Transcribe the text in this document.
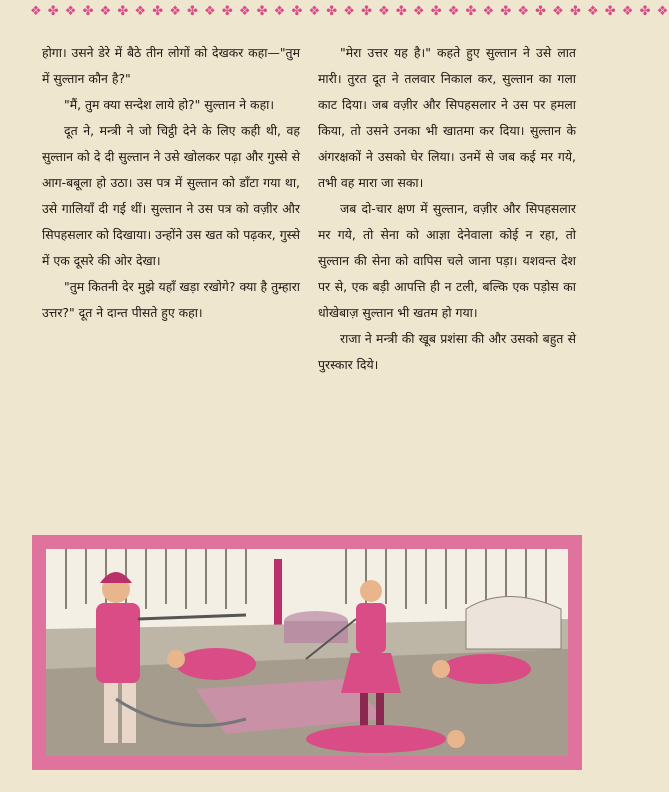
❖ ✤ ❖ ✤ ❖ ✤ ❖ ✤ ❖ ✤ ❖ ✤ ❖ ✤ ❖ ✤ ❖ ✤ ❖ ✤ ❖ ✤ ❖ ✤ ❖ ✤ ❖ ✤ ❖ ✤ ❖ ✤ ❖ ✤ ❖ ✤ ❖

होगा। उसने डेरे में बैठे तीन लोगों को देखकर कहा—"तुम में सुल्तान कौन है?"

"मैं, तुम क्या सन्देश लाये हो?" सुल्तान ने कहा।

दूत ने, मन्त्री ने जो चिट्ठी देने के लिए कही थी, वह सुल्तान को दे दी सुल्तान ने उसे खोलकर पढ़ा और गुस्से से आग-बबूला हो उठा। उस पत्र में सुल्तान को डाँटा गया था, उसे गालियाँ दी गई थीं। सुल्तान ने उस पत्र को वज़ीर और सिपहसलार को दिखाया। उन्होंने उस खत को पढ़कर, गुस्से में एक दूसरे की ओर देखा।

"तुम कितनी देर मुझे यहाँ खड़ा रखोगे? क्या है तुम्हारा उत्तर?" दूत ने दान्त पीसते हुए कहा।

"मेरा उत्तर यह है।" कहते हुए सुल्तान ने उसे लात मारी। तुरत दूत ने तलवार निकाल कर, सुल्तान का गला काट दिया। जब वज़ीर और सिपहसलार ने उस पर हमला किया, तो उसने उनका भी खातमा कर दिया। सुल्तान के अंगरक्षकों ने उसको घेर लिया। उनमें से जब कई मर गये, तभी वह मारा जा सका।

जब दो-चार क्षण में सुल्तान, वज़ीर और सिपहसलार मर गये, तो सेना को आज्ञा देनेवाला कोई न रहा, तो सुल्तान की सेना को वापिस चले जाना पड़ा। यशवन्त देश पर से, एक बड़ी आपत्ति ही न टली, बल्कि एक पड़ोस का धोखेबाज़ सुल्तान भी खतम हो गया।

राजा ने मन्त्री की खूब प्रशंसा की और उसको बहुत से पुरस्कार दिये।
